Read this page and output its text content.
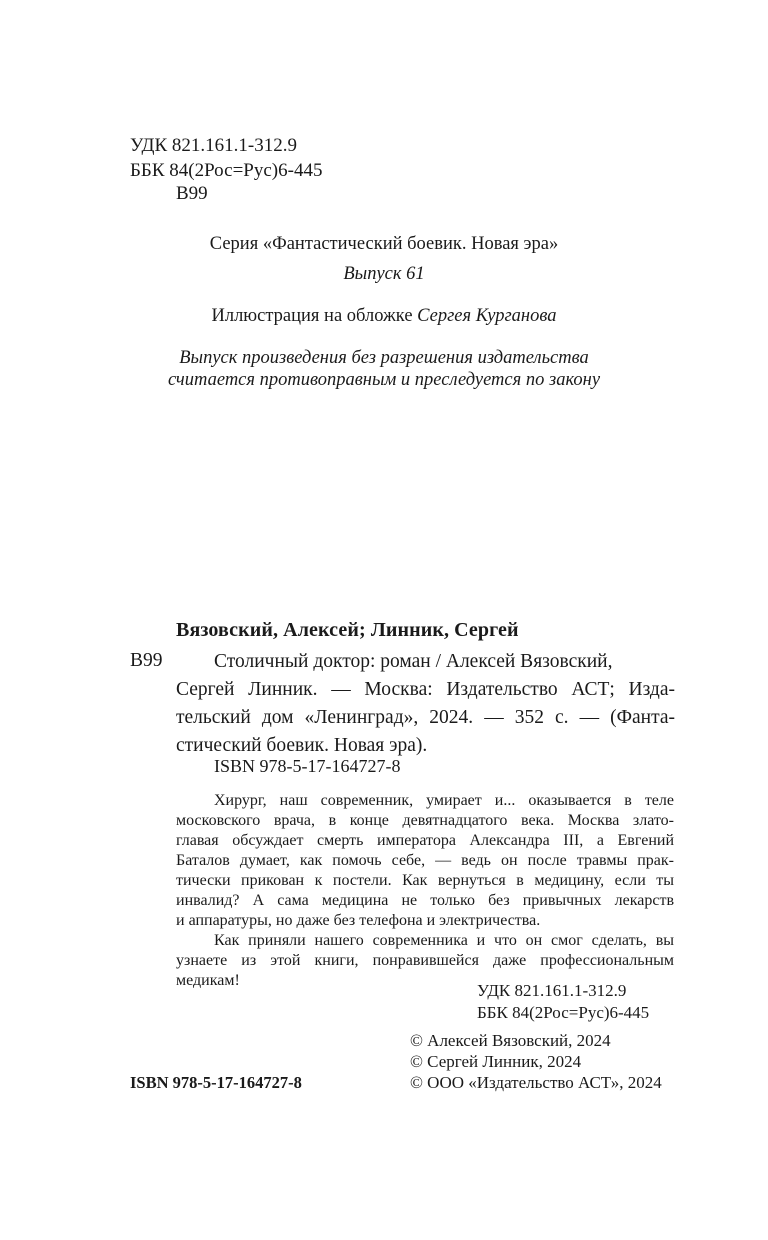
УДК 821.161.1-312.9
ББК 84(2Рос=Рус)6-445
В99
Серия «Фантастический боевик. Новая эра»
Выпуск 61
Иллюстрация на обложке Сергея Курганова
Выпуск произведения без разрешения издательства
считается противоправным и преследуется по закону
Вязовский, Алексей; Линник, Сергей
В99	Столичный доктор: роман / Алексей Вязовский,
Сергей Линник. — Москва: Издательство АСТ; Изда-
тельский дом «Ленинград», 2024. — 352 с. — (Фанта-
стический боевик. Новая эра).
ISBN 978-5-17-164727-8
Хирург, наш современник, умирает и... оказывается в теле
московского врача, в конце девятнадцатого века. Москва злато-
главая обсуждает смерть императора Александра III, а Евгений
Баталов думает, как помочь себе, — ведь он после травмы прак-
тически прикован к постели. Как вернуться в медицину, если ты
инвалид? А сама медицина не только без привычных лекарств
и аппаратуры, но даже без телефона и электричества.
Как приняли нашего современника и что он смог сделать, вы
узнаете из этой книги, понравившейся даже профессиональным
медикам!
УДК 821.161.1-312.9
ББК 84(2Рос=Рус)6-445
© Алексей Вязовский, 2024
© Сергей Линник, 2024
© ООО «Издательство АСТ», 2024
ISBN 978-5-17-164727-8
